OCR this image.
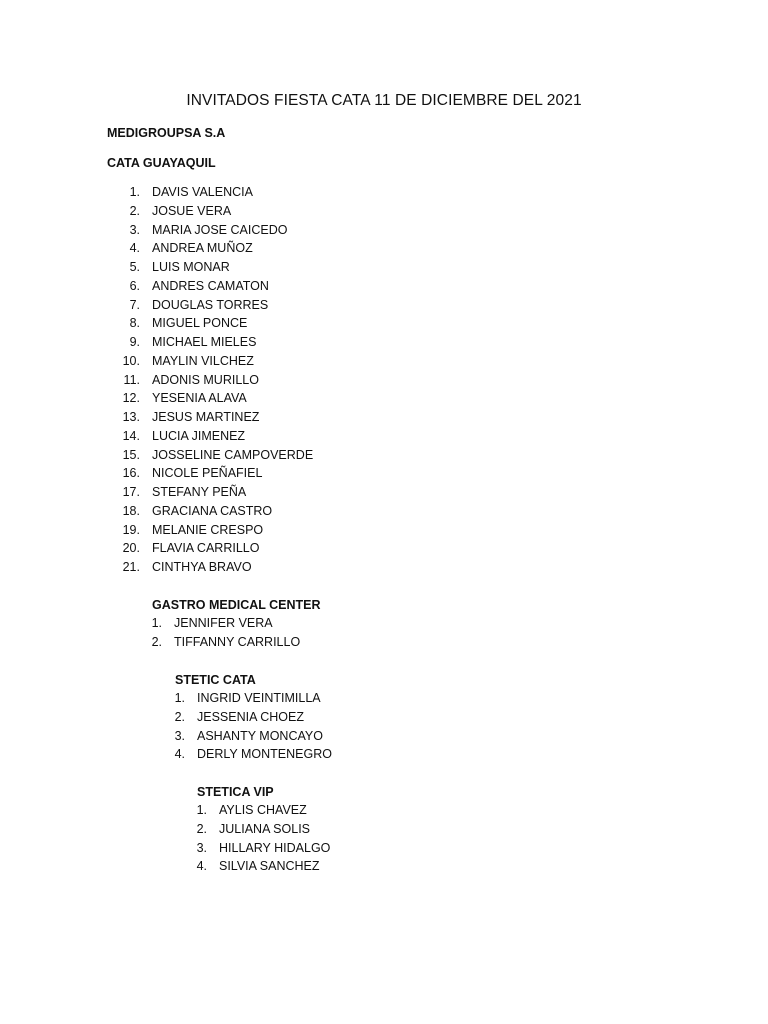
INVITADOS FIESTA CATA 11 DE DICIEMBRE DEL 2021
MEDIGROUPSA S.A
CATA GUAYAQUIL
1. DAVIS VALENCIA
2. JOSUE VERA
3. MARIA JOSE CAICEDO
4. ANDREA MUÑOZ
5. LUIS MONAR
6. ANDRES CAMATON
7. DOUGLAS TORRES
8. MIGUEL PONCE
9. MICHAEL MIELES
10. MAYLIN VILCHEZ
11. ADONIS MURILLO
12. YESENIA ALAVA
13. JESUS MARTINEZ
14. LUCIA JIMENEZ
15. JOSSELINE CAMPOVERDE
16. NICOLE PEÑAFIEL
17. STEFANY PEÑA
18. GRACIANA CASTRO
19. MELANIE CRESPO
20. FLAVIA CARRILLO
21. CINTHYA BRAVO
GASTRO MEDICAL CENTER
1. JENNIFER VERA
2. TIFFANNY CARRILLO
STETIC CATA
1. INGRID VEINTIMILLA
2. JESSENIA CHOEZ
3. ASHANTY MONCAYO
4. DERLY MONTENEGRO
STETICA VIP
1. AYLIS CHAVEZ
2. JULIANA SOLIS
3. HILLARY HIDALGO
4. SILVIA SANCHEZ
